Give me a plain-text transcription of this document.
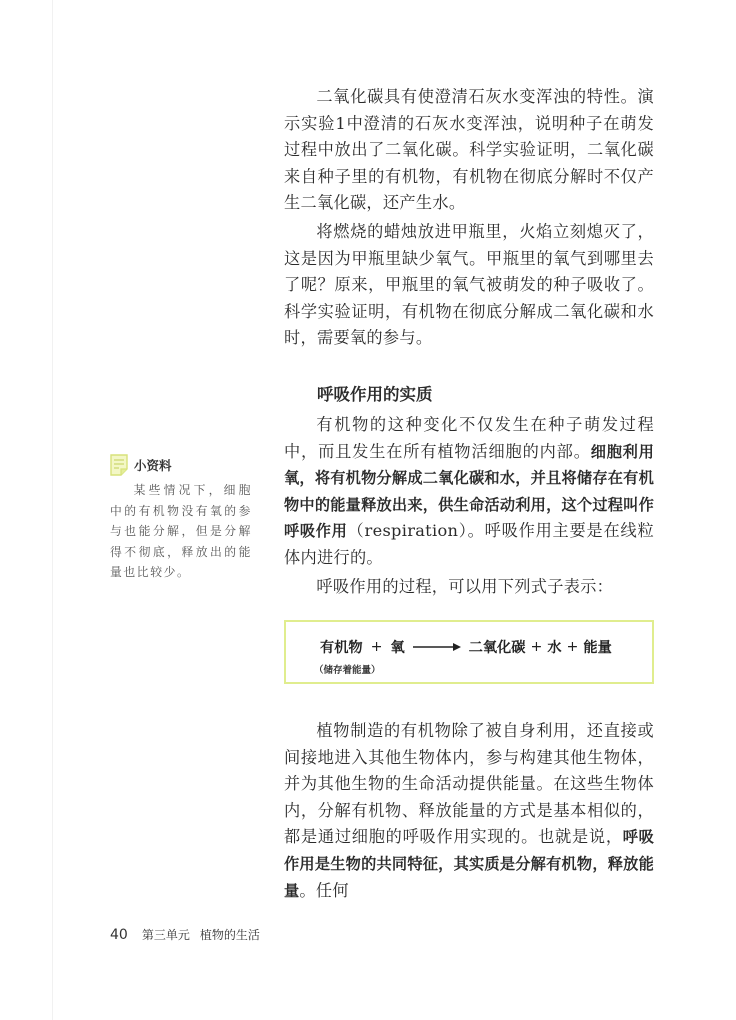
二氧化碳具有使澄清石灰水变浑浊的特性。演示实验1中澄清的石灰水变浑浊，说明种子在萌发过程中放出了二氧化碳。科学实验证明，二氧化碳来自种子里的有机物，有机物在彻底分解时不仅产生二氧化碳，还产生水。

将燃烧的蜡烛放进甲瓶里，火焰立刻熄灭了，这是因为甲瓶里缺少氧气。甲瓶里的氧气到哪里去了呢？原来，甲瓶里的氧气被萌发的种子吸收了。科学实验证明，有机物在彻底分解成二氧化碳和水时，需要氧的参与。

呼吸作用的实质

有机物的这种变化不仅发生在种子萌发过程中，而且发生在所有植物活细胞的内部。细胞利用氧，将有机物分解成二氧化碳和水，并且将储存在有机物中的能量释放出来，供生命活动利用，这个过程叫作呼吸作用（respiration）。呼吸作用主要是在线粒体内进行的。

呼吸作用的过程，可以用下列式子表示：

有机物 + 氧	二氧化碳 + 水 + 能量
（储存着能量）

植物制造的有机物除了被自身利用，还直接或间接地进入其他生物体内，参与构建其他生物体，并为其他生物的生命活动提供能量。在这些生物体内，分解有机物、释放能量的方式是基本相似的，都是通过细胞的呼吸作用实现的。也就是说，呼吸作用是生物的共同特征，其实质是分解有机物，释放能量。任何

小资料

某些情况下，细胞中的有机物没有氧的参与也能分解，但是分解得不彻底，释放出的能量也比较少。

40 第三单元 植物的生活
